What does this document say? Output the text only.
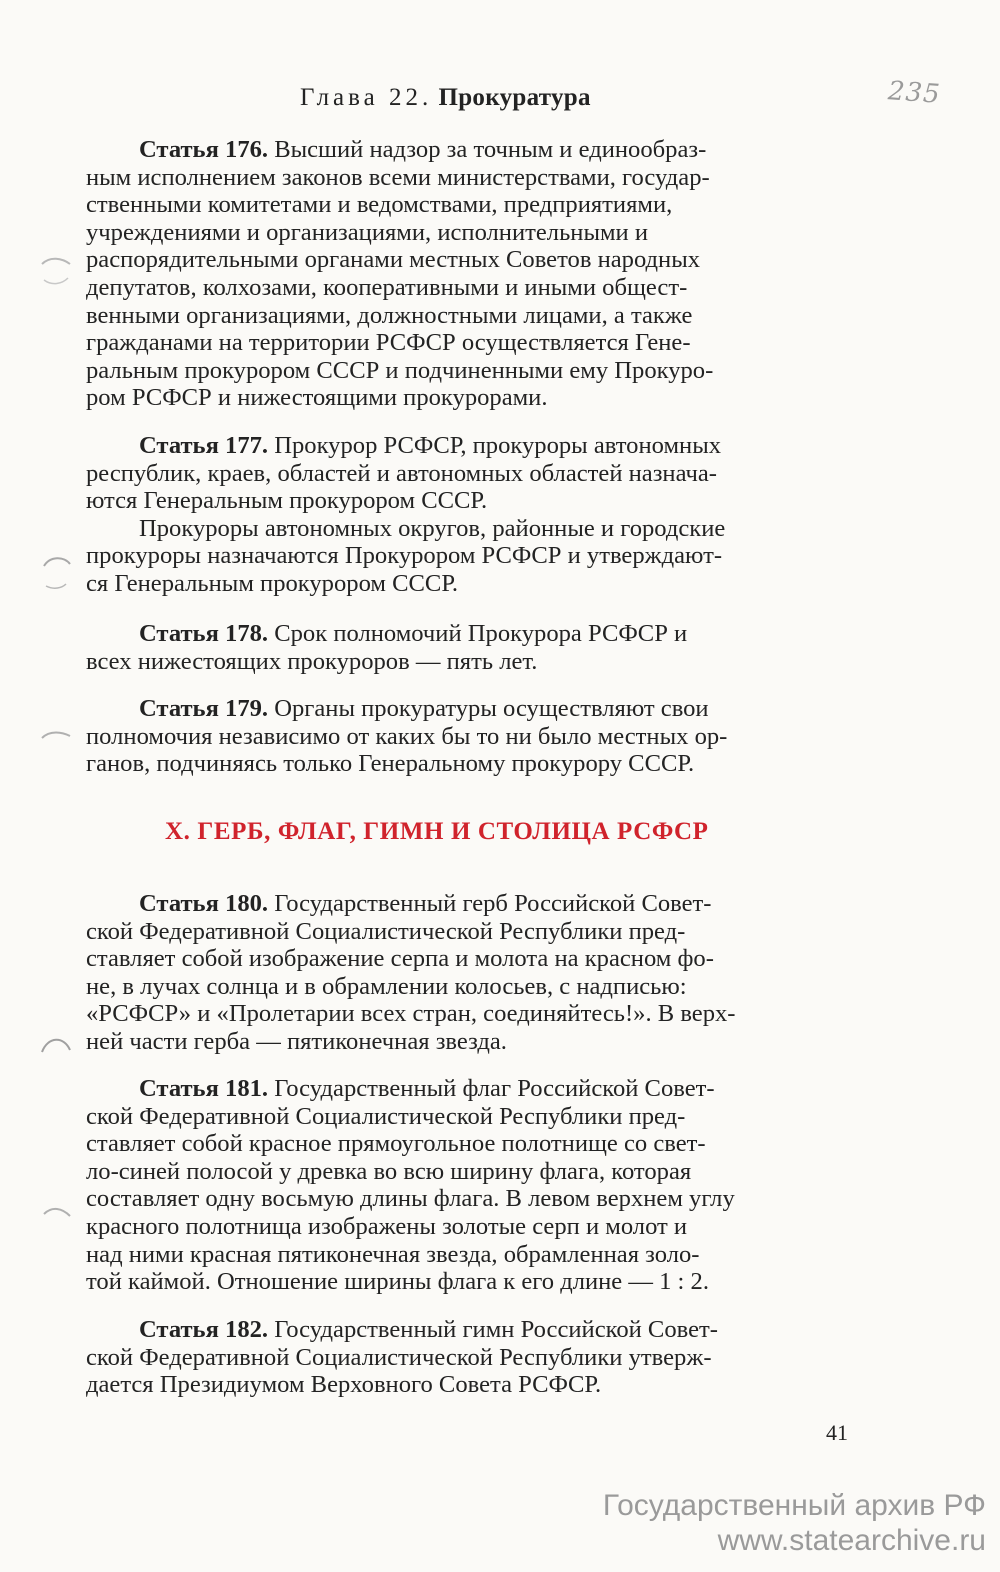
235
Глава 22. Прокуратура
Статья 176. Высший надзор за точным и единообраз-
ным исполнением законов всеми министерствами, государ-
ственными комитетами и ведомствами, предприятиями,
учреждениями и организациями, исполнительными и
распорядительными органами местных Советов народных
депутатов, колхозами, кооперативными и иными общест-
венными организациями, должностными лицами, а также
гражданами на территории РСФСР осуществляется Гене-
ральным прокурором СССР и подчиненными ему Прокуро-
ром РСФСР и нижестоящими прокурорами.
Статья 177. Прокурор РСФСР, прокуроры автономных
республик, краев, областей и автономных областей назнача-
ются Генеральным прокурором СССР.
Прокуроры автономных округов, районные и городские
прокуроры назначаются Прокурором РСФСР и утверждают-
ся Генеральным прокурором СССР.
Статья 178. Срок полномочий Прокурора РСФСР и
всех нижестоящих прокуроров — пять лет.
Статья 179. Органы прокуратуры осуществляют свои
полномочия независимо от каких бы то ни было местных ор-
ганов, подчиняясь только Генеральному прокурору СССР.
X. ГЕРБ, ФЛАГ, ГИМН И СТОЛИЦА РСФСР
Статья 180. Государственный герб Российской Совет-
ской Федеративной Социалистической Республики пред-
ставляет собой изображение серпа и молота на красном фо-
не, в лучах солнца и в обрамлении колосьев, с надписью:
«РСФСР» и «Пролетарии всех стран, соединяйтесь!». В верх-
ней части герба — пятиконечная звезда.
Статья 181. Государственный флаг Российской Совет-
ской Федеративной Социалистической Республики пред-
ставляет собой красное прямоугольное полотнище со свет-
ло-синей полосой у древка во всю ширину флага, которая
составляет одну восьмую длины флага. В левом верхнем углу
красного полотнища изображены золотые серп и молот и
над ними красная пятиконечная звезда, обрамленная золо-
той каймой. Отношение ширины флага к его длине — 1 : 2.
Статья 182. Государственный гимн Российской Совет-
ской Федеративной Социалистической Республики утверж-
дается Президиумом Верховного Совета РСФСР.
41
Государственный архив РФ
www.statearchive.ru
